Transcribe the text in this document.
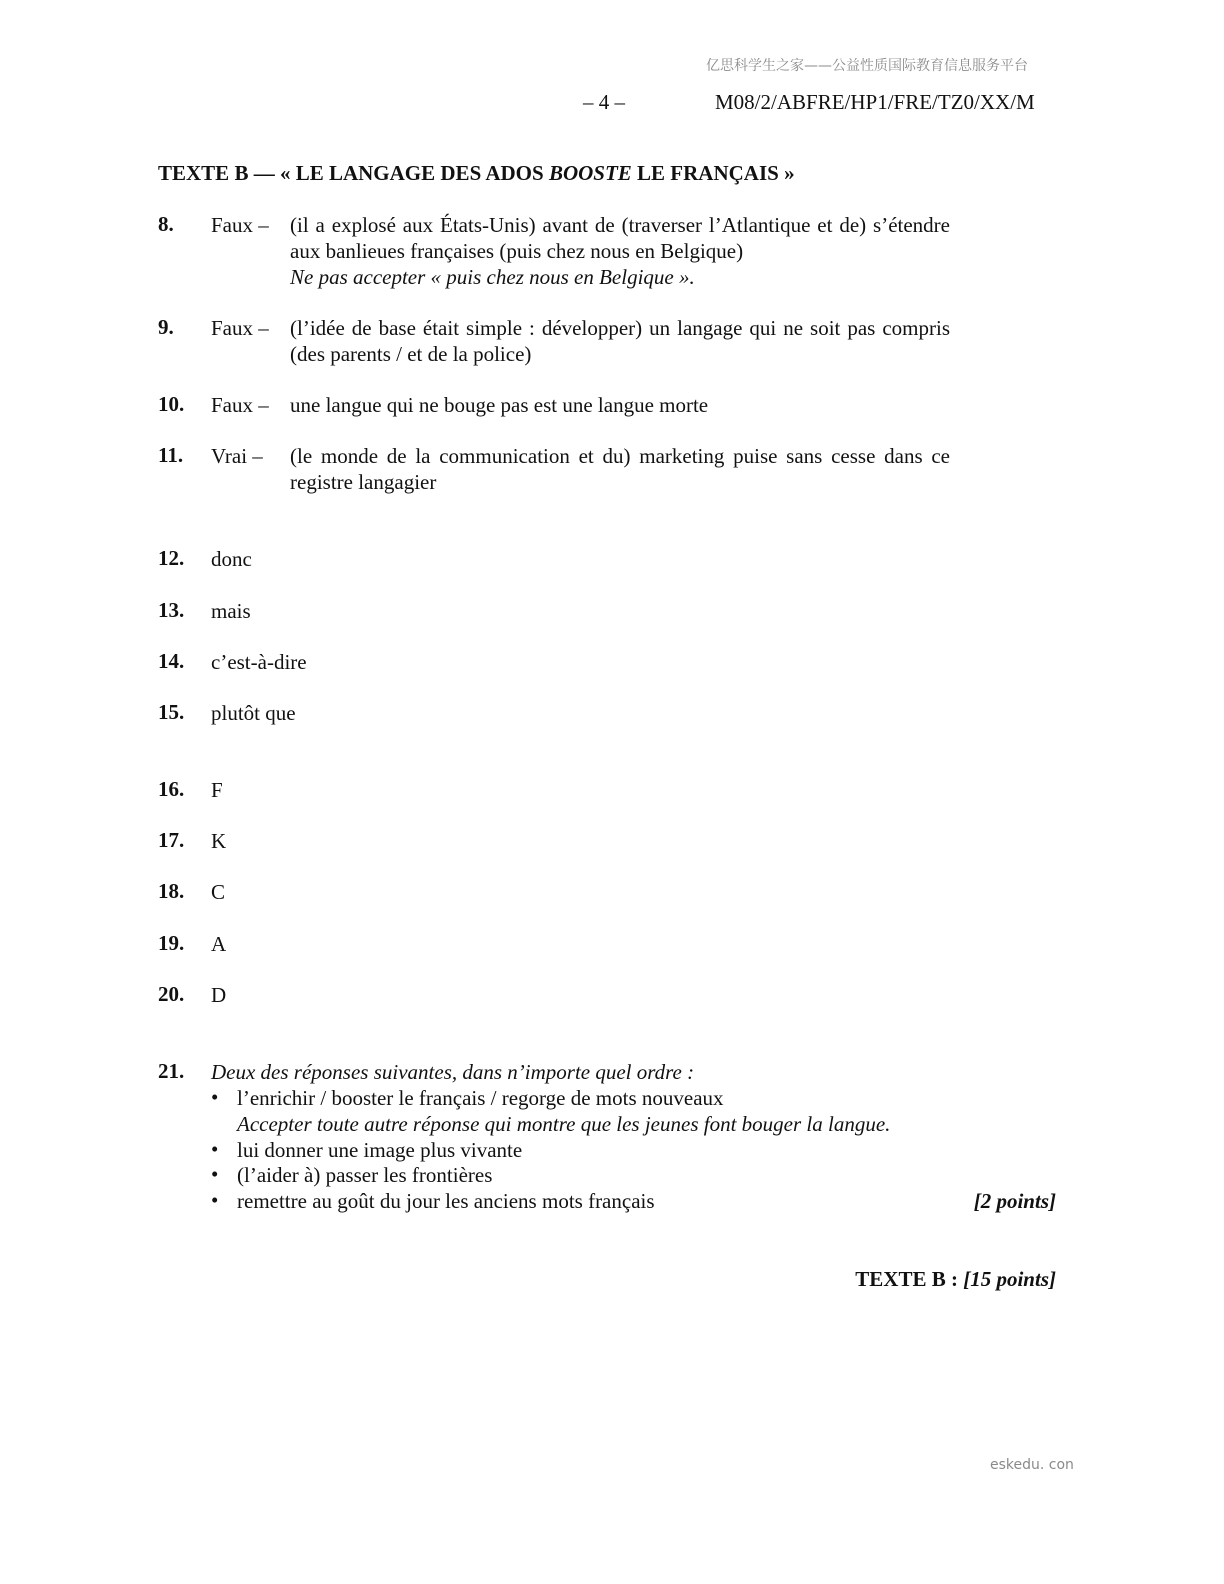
亿思科学生之家——公益性质国际教育信息服务平台
eskedu. con
– 4 –	M08/2/ABFRE/HP1/FRE/TZ0/XX/M
TEXTE B — « LE LANGAGE DES ADOS BOOSTE LE FRANÇAIS »
8. Faux – (il a explosé aux États-Unis) avant de (traverser l’Atlantique et de) s’étendre aux banlieues françaises (puis chez nous en Belgique)
Ne pas accepter « puis chez nous en Belgique ».
9. Faux – (l’idée de base était simple : développer) un langage qui ne soit pas compris (des parents / et de la police)
10. Faux – une langue qui ne bouge pas est une langue morte
11. Vrai – (le monde de la communication et du) marketing puise sans cesse dans ce registre langagier
12. donc
13. mais
14. c’est-à-dire
15. plutôt que
16. F
17. K
18. C
19. A
20. D
21. Deux des réponses suivantes, dans n’importe quel ordre :
• l’enrichir / booster le français / regorge de mots nouveaux
Accepter toute autre réponse qui montre que les jeunes font bouger la langue.
• lui donner une image plus vivante
• (l’aider à) passer les frontières
• remettre au goût du jour les anciens mots français	[2 points]
TEXTE B : [15 points]
